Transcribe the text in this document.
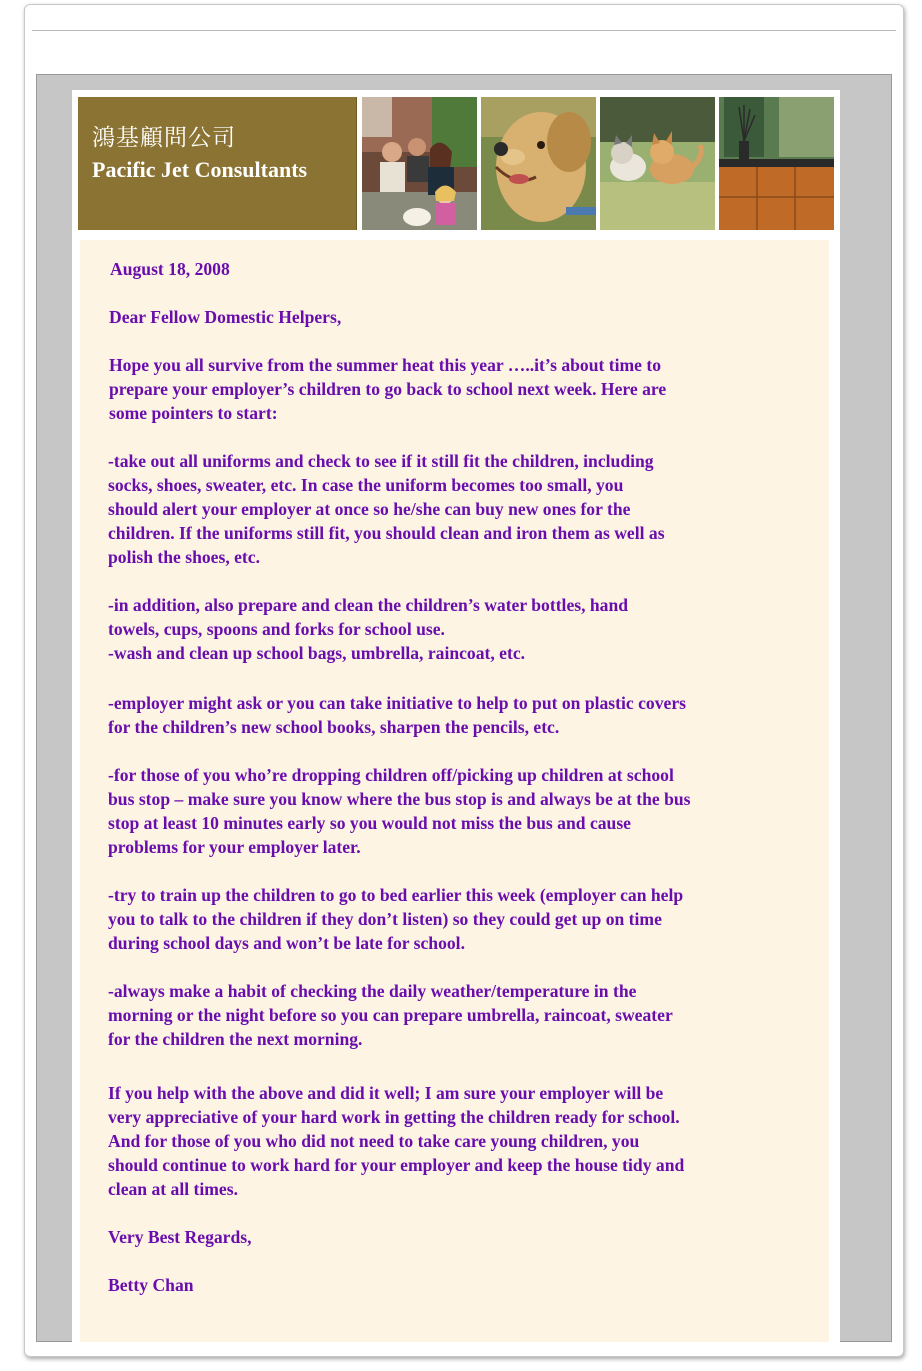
鴻基顧問公司
Pacific Jet Consultants
August 18, 2008
Dear Fellow Domestic Helpers,
Hope you all survive from the summer heat this year …..it’s about time to
prepare your employer’s children to go back to school next week. Here are
some pointers to start:
-take out all uniforms and check to see if it still fit the children, including
socks, shoes, sweater, etc. In case the uniform becomes too small, you
should alert your employer at once so he/she can buy new ones for the
children. If the uniforms still fit, you should clean and iron them as well as
polish the shoes, etc.
-in addition, also prepare and clean the children’s water bottles, hand
towels, cups, spoons and forks for school use.
-wash and clean up school bags, umbrella, raincoat, etc.
-employer might ask or you can take initiative to help to put on plastic covers
for the children’s new school books, sharpen the pencils, etc.
-for those of you who’re dropping children off/picking up children at school
bus stop – make sure you know where the bus stop is and always be at the bus
stop at least 10 minutes early so you would not miss the bus and cause
problems for your employer later.
-try to train up the children to go to bed earlier this week (employer can help
you to talk to the children if they don’t listen) so they could get up on time
during school days and won’t be late for school.
-always make a habit of checking the daily weather/temperature in the
morning or the night before so you can prepare umbrella, raincoat, sweater
for the children the next morning.
If you help with the above and did it well; I am sure your employer will be
very appreciative of your hard work in getting the children ready for school.
And for those of you who did not need to take care young children, you
should continue to work hard for your employer and keep the house tidy and
clean at all times.
Very Best Regards,
Betty Chan
